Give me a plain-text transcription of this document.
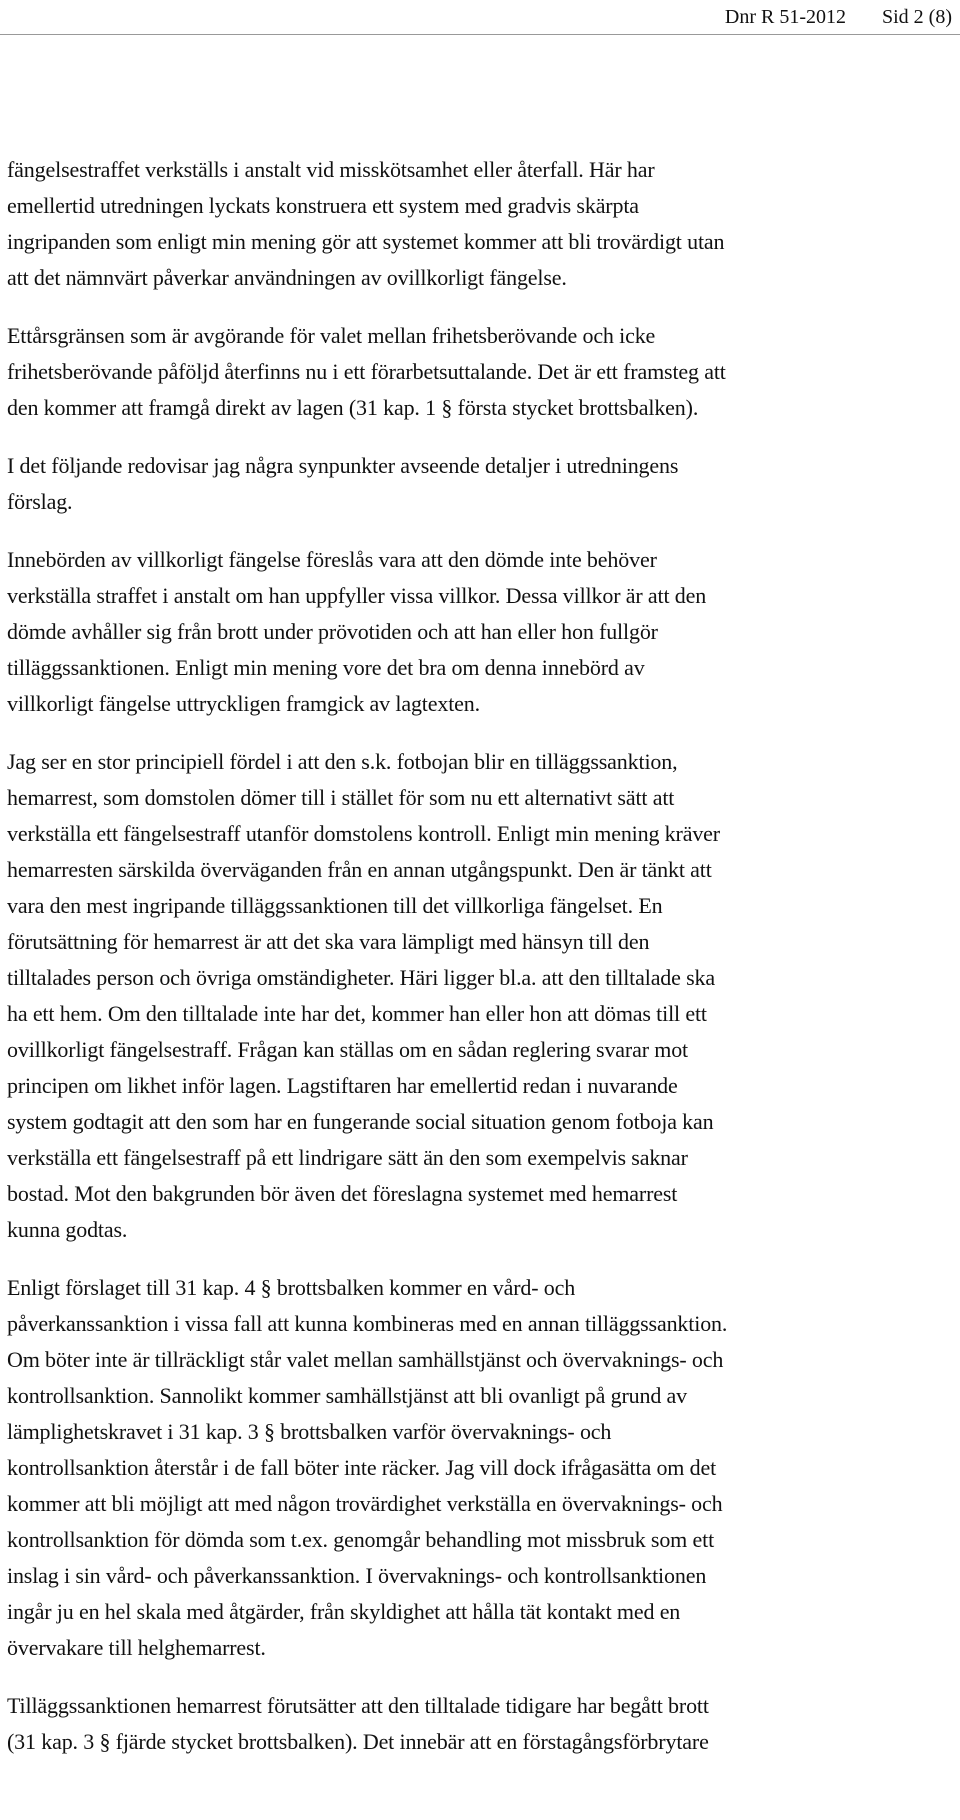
Dnr R 51-2012 Sid 2 (8)

fängelsestraffet verkställs i anstalt vid misskötsamhet eller återfall. Här har
emellertid utredningen lyckats konstruera ett system med gradvis skärpta
ingripanden som enligt min mening gör att systemet kommer att bli trovärdigt utan
att det nämnvärt påverkar användningen av ovillkorligt fängelse.

Ettårsgränsen som är avgörande för valet mellan frihetsberövande och icke
frihetsberövande påföljd återfinns nu i ett förarbetsuttalande. Det är ett framsteg att
den kommer att framgå direkt av lagen (31 kap. 1 § första stycket brottsbalken).

I det följande redovisar jag några synpunkter avseende detaljer i utredningens
förslag.

Innebörden av villkorligt fängelse föreslås vara att den dömde inte behöver
verkställa straffet i anstalt om han uppfyller vissa villkor. Dessa villkor är att den
dömde avhåller sig från brott under prövotiden och att han eller hon fullgör
tilläggssanktionen. Enligt min mening vore det bra om denna innebörd av
villkorligt fängelse uttryckligen framgick av lagtexten.

Jag ser en stor principiell fördel i att den s.k. fotbojan blir en tilläggssanktion,
hemarrest, som domstolen dömer till i stället för som nu ett alternativt sätt att
verkställa ett fängelsestraff utanför domstolens kontroll. Enligt min mening kräver
hemarresten särskilda överväganden från en annan utgångspunkt. Den är tänkt att
vara den mest ingripande tilläggssanktionen till det villkorliga fängelset. En
förutsättning för hemarrest är att det ska vara lämpligt med hänsyn till den
tilltalades person och övriga omständigheter. Häri ligger bl.a. att den tilltalade ska
ha ett hem. Om den tilltalade inte har det, kommer han eller hon att dömas till ett
ovillkorligt fängelsestraff. Frågan kan ställas om en sådan reglering svarar mot
principen om likhet inför lagen. Lagstiftaren har emellertid redan i nuvarande
system godtagit att den som har en fungerande social situation genom fotboja kan
verkställa ett fängelsestraff på ett lindrigare sätt än den som exempelvis saknar
bostad. Mot den bakgrunden bör även det föreslagna systemet med hemarrest
kunna godtas.

Enligt förslaget till 31 kap. 4 § brottsbalken kommer en vård- och
påverkanssanktion i vissa fall att kunna kombineras med en annan tilläggssanktion.
Om böter inte är tillräckligt står valet mellan samhällstjänst och övervaknings- och
kontrollsanktion. Sannolikt kommer samhällstjänst att bli ovanligt på grund av
lämplighetskravet i 31 kap. 3 § brottsbalken varför övervaknings- och
kontrollsanktion återstår i de fall böter inte räcker. Jag vill dock ifrågasätta om det
kommer att bli möjligt att med någon trovärdighet verkställa en övervaknings- och
kontrollsanktion för dömda som t.ex. genomgår behandling mot missbruk som ett
inslag i sin vård- och påverkanssanktion. I övervaknings- och kontrollsanktionen
ingår ju en hel skala med åtgärder, från skyldighet att hålla tät kontakt med en
övervakare till helghemarrest.

Tilläggssanktionen hemarrest förutsätter att den tilltalade tidigare har begått brott
(31 kap. 3 § fjärde stycket brottsbalken). Det innebär att en förstagångsförbrytare
